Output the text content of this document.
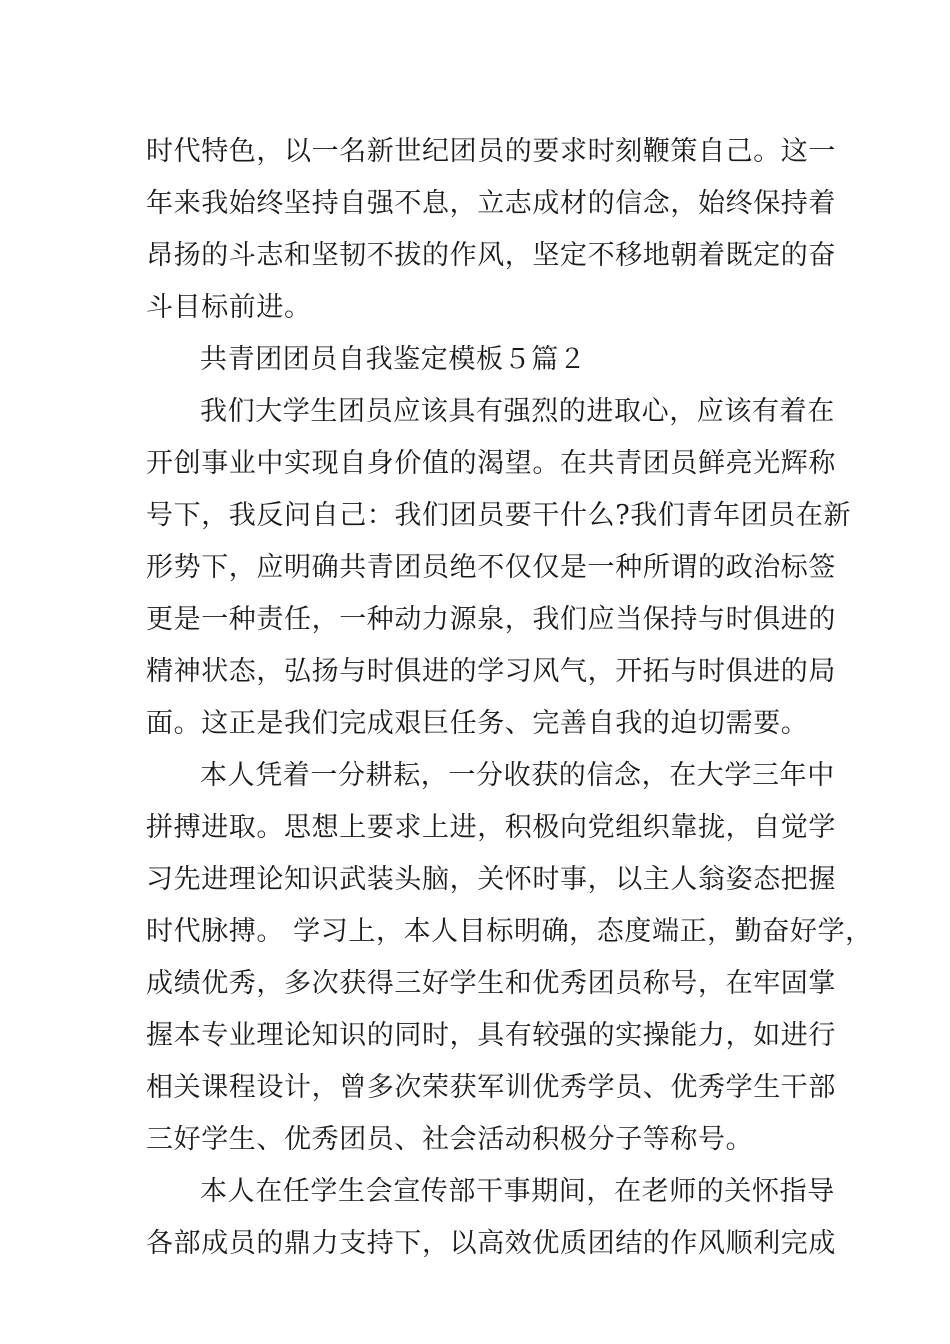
时代特色，以一名新世纪团员的要求时刻鞭策自己。这一
年来我始终坚持自强不息，立志成材的信念，始终保持着
昂扬的斗志和坚韧不拔的作风，坚定不移地朝着既定的奋
斗目标前进。
共青团团员自我鉴定模板５篇２
我们大学生团员应该具有强烈的进取心，应该有着在
开创事业中实现自身价值的渴望。在共青团员鲜亮光辉称
号下，我反问自己：我们团员要干什么?我们青年团员在新
形势下，应明确共青团员绝不仅仅是一种所谓的政治标签
更是一种责任，一种动力源泉，我们应当保持与时俱进的
精神状态，弘扬与时俱进的学习风气，开拓与时俱进的局
面。这正是我们完成艰巨任务、完善自我的迫切需要。
本人凭着一分耕耘，一分收获的信念，在大学三年中
拼搏进取。思想上要求上进，积极向党组织靠拢，自觉学
习先进理论知识武装头脑，关怀时事，以主人翁姿态把握
时代脉搏。 学习上，本人目标明确，态度端正，勤奋好学，
成绩优秀，多次获得三好学生和优秀团员称号，在牢固掌
握本专业理论知识的同时，具有较强的实操能力，如进行
相关课程设计，曾多次荣获军训优秀学员、优秀学生干部
三好学生、优秀团员、社会活动积极分子等称号。
本人在任学生会宣传部干事期间，在老师的关怀指导
各部成员的鼎力支持下，以高效优质团结的作风顺利完成
